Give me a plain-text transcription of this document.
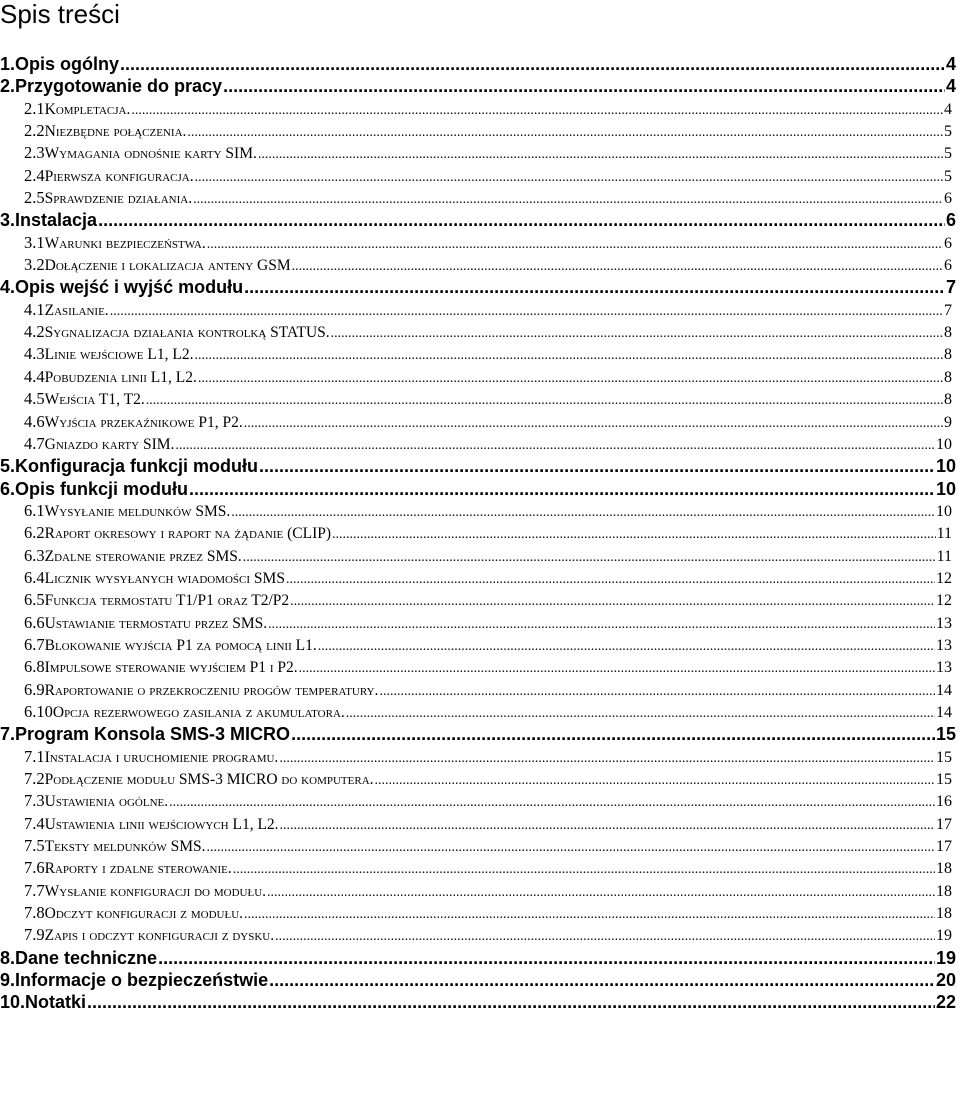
Spis treści
1. Opis ogólny .....	4
2. Przygotowanie do pracy .....	4
2.1 Kompletacja. .....	4
2.2 Niezbędne połączenia. .....	5
2.3 Wymagania odnośnie karty SIM. .....	5
2.4 Pierwsza konfiguracja. .....	5
2.5 Sprawdzenie działania. .....	6
3. Instalacja .....	6
3.1 Warunki bezpieczeństwa. .....	6
3.2 Dołączenie i lokalizacja anteny GSM .....	6
4. Opis wejść i wyjść modułu .....	7
4.1 Zasilanie. .....	7
4.2 Sygnalizacja działania kontrolką STATUS. .....	8
4.3 Linie wejściowe L1, L2. .....	8
4.4 Pobudzenia linii L1, L2. .....	8
4.5 Wejścia T1, T2. .....	8
4.6 Wyjścia przekaźnikowe P1, P2. .....	9
4.7 Gniazdo karty SIM. .....	10
5. Konfiguracja funkcji modułu .....	10
6. Opis funkcji modułu .....	10
6.1 Wysyłanie meldunków SMS. .....	10
6.2 Raport okresowy i raport na żądanie (CLIP) .....	11
6.3 Zdalne sterowanie przez SMS. .....	11
6.4 Licznik wysyłanych wiadomości SMS .....	12
6.5 Funkcja termostatu T1/P1 oraz T2/P2 .....	12
6.6 Ustawianie termostatu przez SMS. .....	13
6.7 Blokowanie wyjścia P1 za pomocą linii L1. .....	13
6.8 Impulsowe sterowanie wyjściem P1 i P2. .....	13
6.9 Raportowanie o przekroczeniu progów temperatury. .....	14
6.10 Opcja rezerwowego zasilania z akumulatora. .....	14
7. Program Konsola SMS-3 MICRO .....	15
7.1 Instalacja i uruchomienie programu. .....	15
7.2 Podłączenie modułu SMS-3 MICRO do komputera. .....	15
7.3 Ustawienia ogólne. .....	16
7.4 Ustawienia linii wejściowych L1, L2. .....	17
7.5 Teksty meldunków SMS. .....	17
7.6 Raporty i zdalne sterowanie. .....	18
7.7 Wysłanie konfiguracji do modułu. .....	18
7.8 Odczyt konfiguracji z modułu. .....	18
7.9 Zapis i odczyt konfiguracji z dysku. .....	19
8. Dane techniczne .....	19
9. Informacje o bezpieczeństwie .....	20
10. Notatki .....	22
